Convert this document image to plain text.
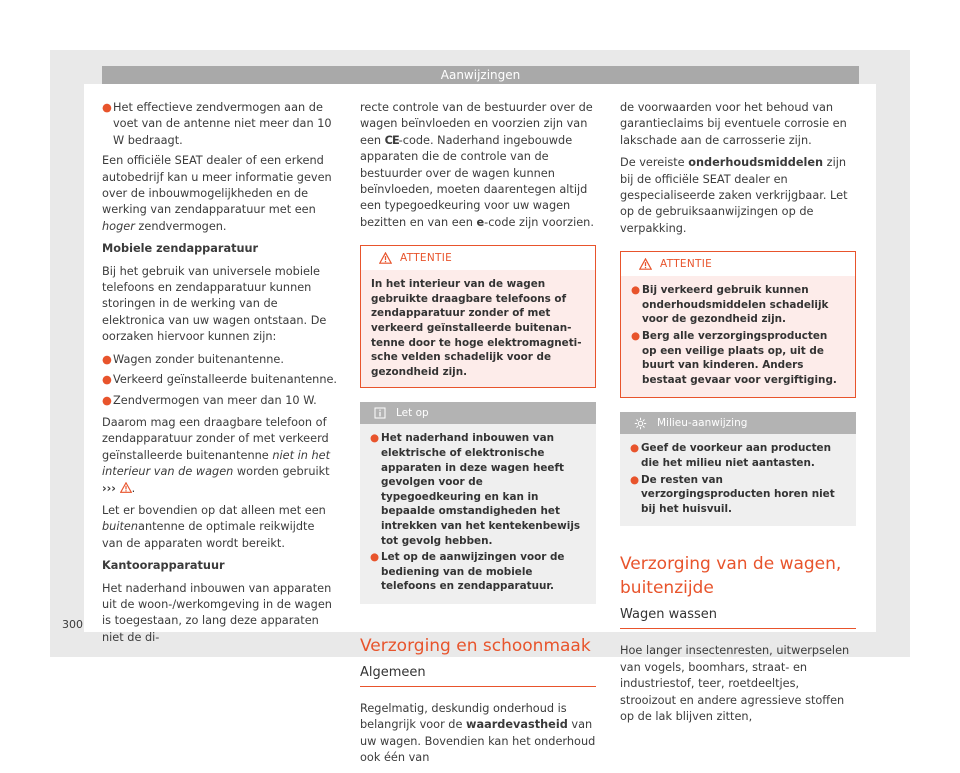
Aanwijzingen
300
● Het effectieve zendvermogen aan de voet van de antenne niet meer dan 10 W bedraagt.

Een officiële SEAT dealer of een erkend autobedrijf kan u meer informatie geven over de inbouwmogelijkheden en de werking van zendapparatuur met een hoger zendvermogen.

Mobiele zendapparatuur

Bij het gebruik van universele mobiele telefoons en zendapparatuur kunnen storingen in de werking van de elektronica van uw wagen ontstaan. De oorzaken hiervoor kunnen zijn:

● Wagen zonder buitenantenne.
● Verkeerd geïnstalleerde buitenantenne.
● Zendvermogen van meer dan 10 W.

Daarom mag een draagbare telefoon of zendapparatuur zonder of met verkeerd geïnstalleerde buitenantenne niet in het interieur van de wagen worden gebruikt ››› .

Let er bovendien op dat alleen met een buitenantenne de optimale reikwijdte van de apparaten wordt bereikt.

Kantoorapparatuur

Het naderhand inbouwen van apparaten uit de woon-/werkomgeving in de wagen is toegestaan, zo lang deze apparaten niet de di-

recte controle van de bestuurder over de wagen beïnvloeden en voorzien zijn van een CE-code. Naderhand ingebouwde apparaten die de controle van de bestuurder over de wagen kunnen beïnvloeden, moeten daarentegen altijd een typegoedkeuring voor uw wagen bezitten en van een e-code zijn voorzien.

ATTENTIE
In het interieur van de wagen gebruikte draagbare telefoons of zendapparatuur zonder of met verkeerd geïnstalleerde buitenantenne door te hoge elektromagnetische velden schadelijk voor de gezondheid zijn.
Let op
● Het naderhand inbouwen van elektrische of elektronische apparaten in deze wagen heeft gevolgen voor de typegoedkeuring en kan in bepaalde omstandigheden het intrekken van het kentekenbewijs tot gevolg hebben.
● Let op de aanwijzingen voor de bediening van de mobiele telefoons en zendapparatuur.
Verzorging en schoonmaak
Algemeen

Regelmatig, deskundig onderhoud is belangrijk voor de waardevastheid van uw wagen. Bovendien kan het onderhoud ook één van

de voorwaarden voor het behoud van garantieclaims bij eventuele corrosie en lakschade aan de carrosserie zijn.

De vereiste onderhoudsmiddelen zijn bij de officiële SEAT dealer en gespecialiseerde zaken verkrijgbaar. Let op de gebruiksaanwijzingen op de verpakking.

ATTENTIE
● Bij verkeerd gebruik kunnen onderhoudsmiddelen schadelijk voor de gezondheid zijn.
● Berg alle verzorgingsproducten op een veilige plaats op, uit de buurt van kinderen. Anders bestaat gevaar voor vergiftiging.
Milieu-aanwijzing
● Geef de voorkeur aan producten die het milieu niet aantasten.
● De resten van verzorgingsproducten horen niet bij het huisvuil.
Verzorging van de wagen, buitenzijde
Wagen wassen

Hoe langer insectenresten, uitwerpselen van vogels, boomhars, straat- en industriestof, teer, roetdeeltjes, strooizout en andere agressieve stoffen op de lak blijven zitten,
